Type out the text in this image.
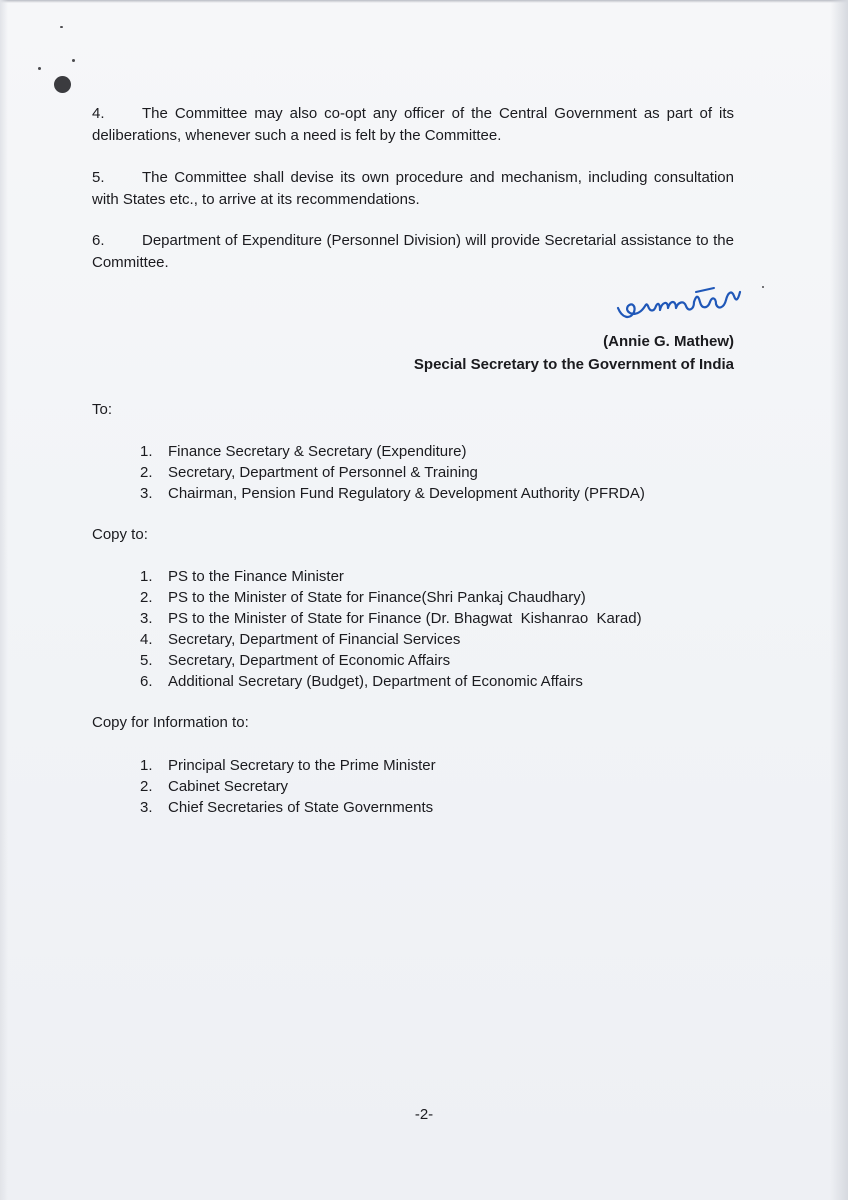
4. The Committee may also co-opt any officer of the Central Government as part of its deliberations, whenever such a need is felt by the Committee.
5. The Committee shall devise its own procedure and mechanism, including consultation with States etc., to arrive at its recommendations.
6. Department of Expenditure (Personnel Division) will provide Secretarial assistance to the Committee.
(Annie G. Mathew)
Special Secretary to the Government of India
To:
1. Finance Secretary & Secretary (Expenditure)
2. Secretary, Department of Personnel & Training
3. Chairman, Pension Fund Regulatory & Development Authority (PFRDA)
Copy to:
1. PS to the Finance Minister
2. PS to the Minister of State for Finance(Shri Pankaj Chaudhary)
3. PS to the Minister of State for Finance (Dr. Bhagwat  Kishanrao  Karad)
4. Secretary, Department of Financial Services
5. Secretary, Department of Economic Affairs
6. Additional Secretary (Budget), Department of Economic Affairs
Copy for Information to:
1. Principal Secretary to the Prime Minister
2. Cabinet Secretary
3. Chief Secretaries of State Governments
-2-
